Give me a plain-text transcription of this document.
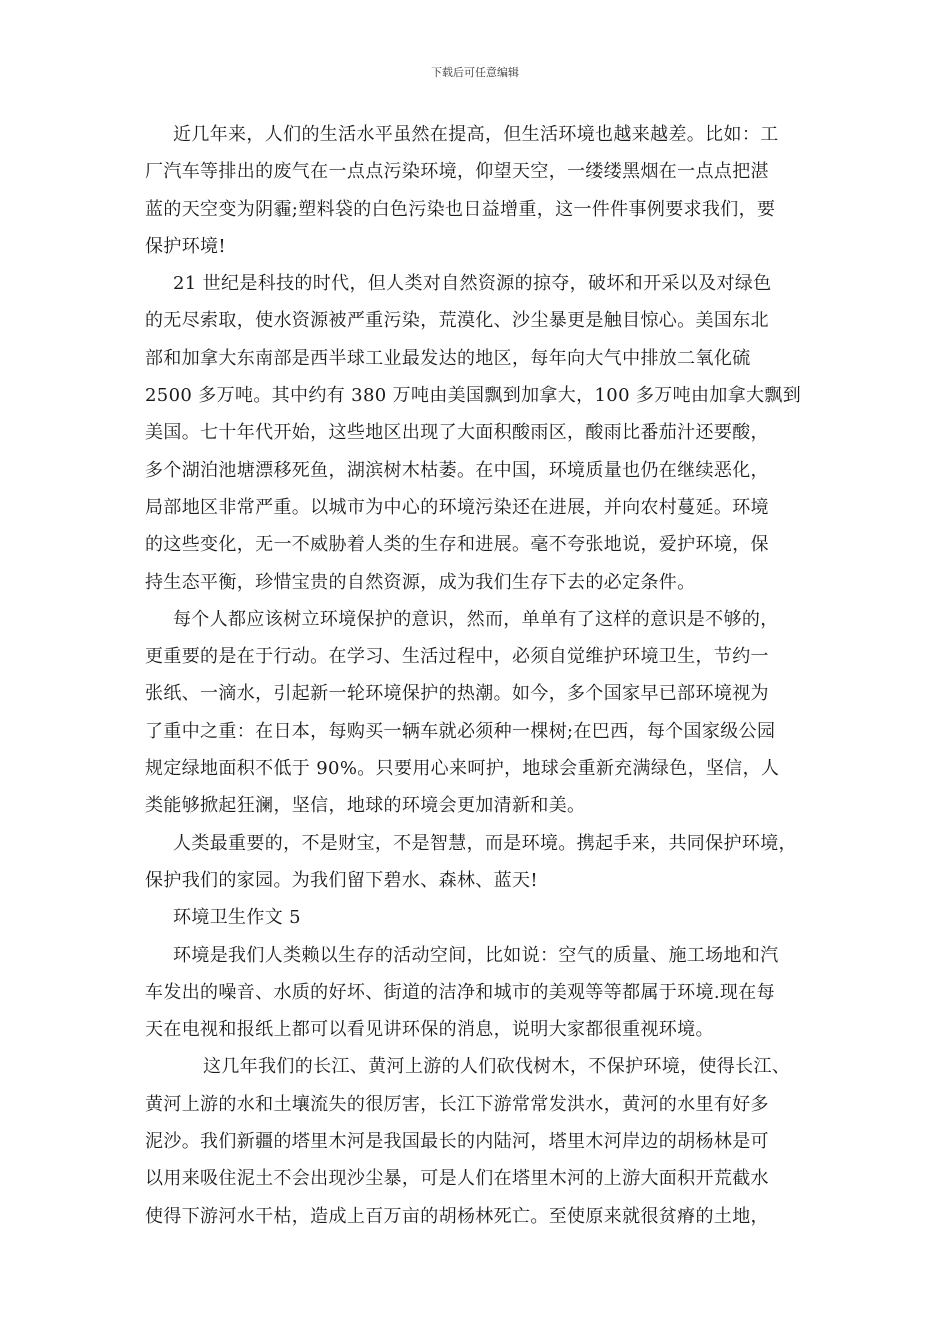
下载后可任意编辑
近几年来，人们的生活水平虽然在提高，但生活环境也越来越差。比如：工
厂汽车等排出的废气在一点点污染环境，仰望天空，一缕缕黑烟在一点点把湛
蓝的天空变为阴霾;塑料袋的白色污染也日益增重，这一件件事例要求我们，要
保护环境!
21 世纪是科技的时代，但人类对自然资源的掠夺，破坏和开采以及对绿色
的无尽索取，使水资源被严重污染，荒漠化、沙尘暴更是触目惊心。美国东北
部和加拿大东南部是西半球工业最发达的地区，每年向大气中排放二氧化硫
2500 多万吨。其中约有 380 万吨由美国飘到加拿大，100 多万吨由加拿大飘到
美国。七十年代开始，这些地区出现了大面积酸雨区，酸雨比番茄汁还要酸，
多个湖泊池塘漂移死鱼，湖滨树木枯萎。在中国，环境质量也仍在继续恶化，
局部地区非常严重。以城市为中心的环境污染还在进展，并向农村蔓延。环境
的这些变化，无一不威胁着人类的生存和进展。毫不夸张地说，爱护环境，保
持生态平衡，珍惜宝贵的自然资源，成为我们生存下去的必定条件。
每个人都应该树立环境保护的意识，然而，单单有了这样的意识是不够的，
更重要的是在于行动。在学习、生活过程中，必须自觉维护环境卫生，节约一
张纸、一滴水，引起新一轮环境保护的热潮。如今，多个国家早已部环境视为
了重中之重：在日本，每购买一辆车就必须种一棵树;在巴西，每个国家级公园
规定绿地面积不低于 90%。只要用心来呵护，地球会重新充满绿色，坚信，人
类能够掀起狂澜，坚信，地球的环境会更加清新和美。
人类最重要的，不是财宝，不是智慧，而是环境。携起手来，共同保护环境，
保护我们的家园。为我们留下碧水、森林、蓝天!
环境卫生作文 5
环境是我们人类赖以生存的活动空间，比如说：空气的质量、施工场地和汽
车发出的噪音、水质的好坏、街道的洁净和城市的美观等等都属于环境.现在每
天在电视和报纸上都可以看见讲环保的消息，说明大家都很重视环境。
这几年我们的长江、黄河上游的人们砍伐树木，不保护环境，使得长江、
黄河上游的水和土壤流失的很厉害，长江下游常常发洪水，黄河的水里有好多
泥沙。我们新疆的塔里木河是我国最长的内陆河，塔里木河岸边的胡杨林是可
以用来吸住泥土不会出现沙尘暴，可是人们在塔里木河的上游大面积开荒截水
使得下游河水干枯，造成上百万亩的胡杨林死亡。至使原来就很贫瘠的土地，
